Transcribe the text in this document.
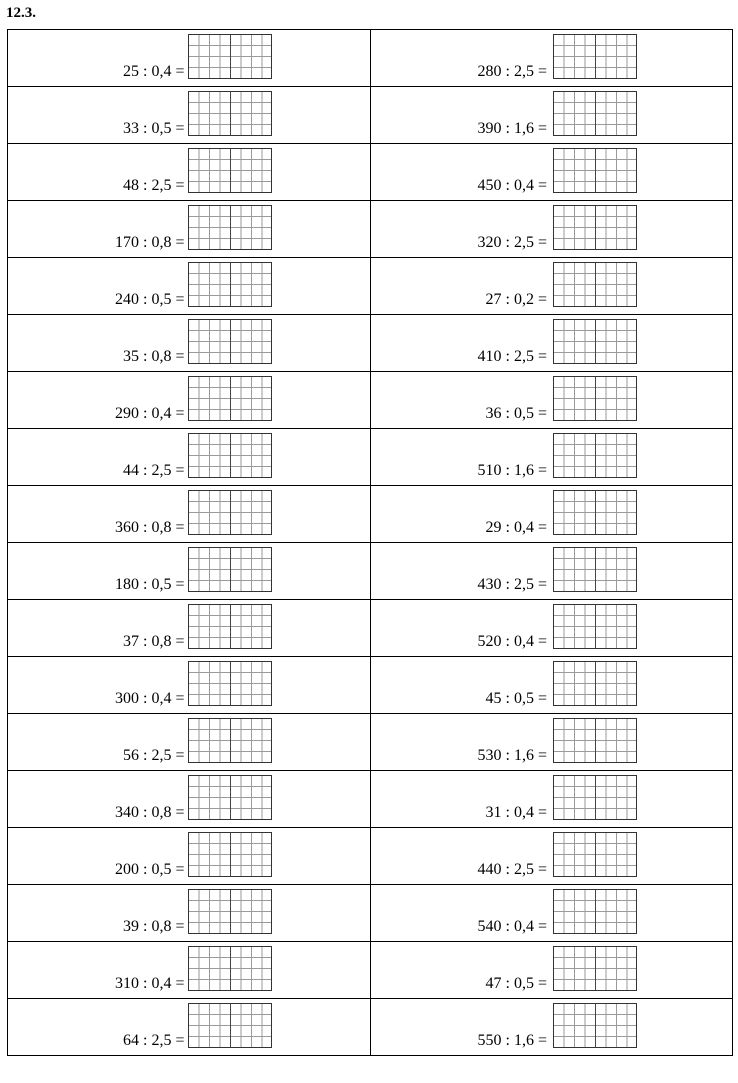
12.3.
25 : 0,4 =	280 : 2,5 =

33 : 0,5 =	390 : 1,6 =

48 : 2,5 =	450 : 0,4 =

170 : 0,8 =	320 : 2,5 =

240 : 0,5 =	27 : 0,2 =

35 : 0,8 =	410 : 2,5 =

290 : 0,4 =	36 : 0,5 =

44 : 2,5 =	510 : 1,6 =

360 : 0,8 =	29 : 0,4 =

180 : 0,5 =	430 : 2,5 =

37 : 0,8 =	520 : 0,4 =

300 : 0,4 =	45 : 0,5 =

56 : 2,5 =	530 : 1,6 =

340 : 0,8 =	31 : 0,4 =

200 : 0,5 =	440 : 2,5 =

39 : 0,8 =	540 : 0,4 =

310 : 0,4 =	47 : 0,5 =

64 : 2,5 =	550 : 1,6 =
